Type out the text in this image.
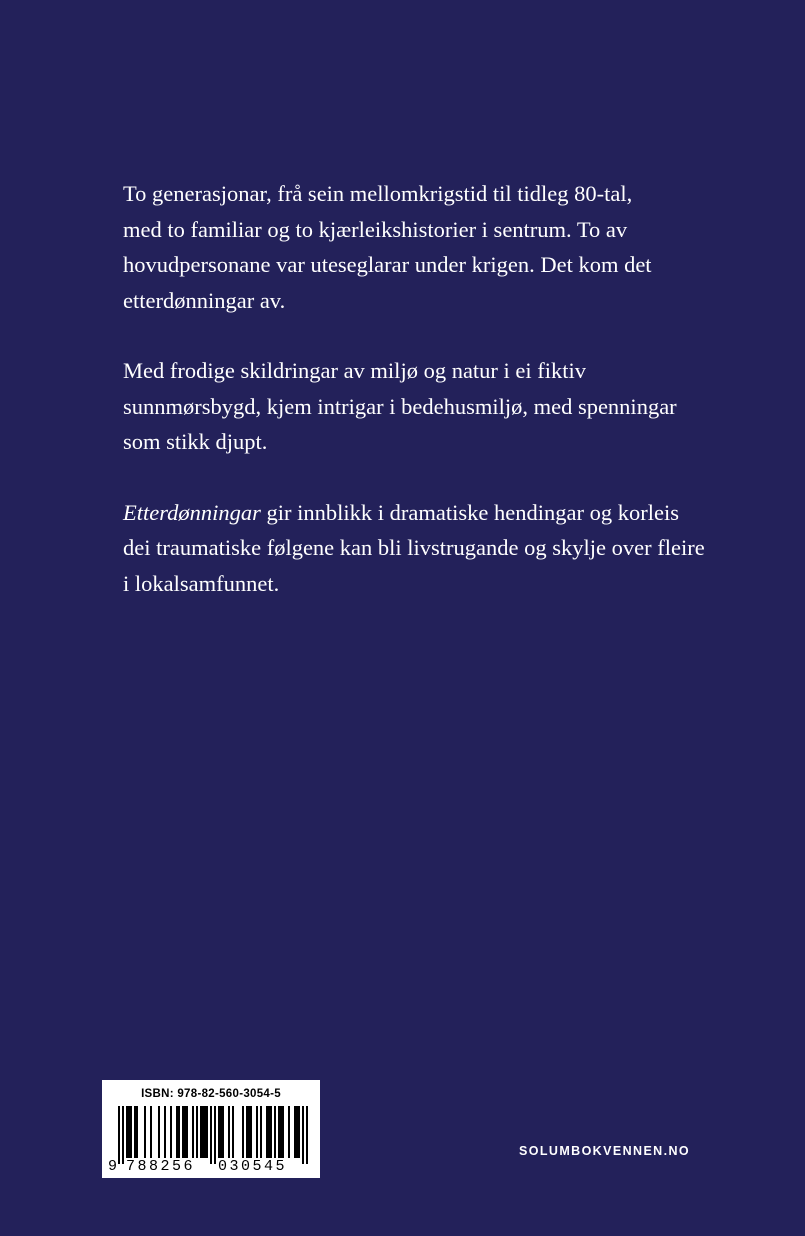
To generasjonar, frå sein mellomkrigstid til tidleg 80-tal,
med to familiar og to kjærleikshistorier i sentrum. To av
hovudpersonane var uteseglarar under krigen. Det kom det
etterdønningar av.

Med frodige skildringar av miljø og natur i ei fiktiv
sunnmørsbygd, kjem intrigar i bedehusmiljø, med spenningar
som stikk djupt.

Etterdønningar gir innblikk i dramatiske hendingar og korleis
dei traumatiske følgene kan bli livstrugande og skylje over fleire
i lokalsamfunnet.

ISBN: 978-82-560-3054-5
9 788256 030545
SOLUMBOKVENNEN.NO
